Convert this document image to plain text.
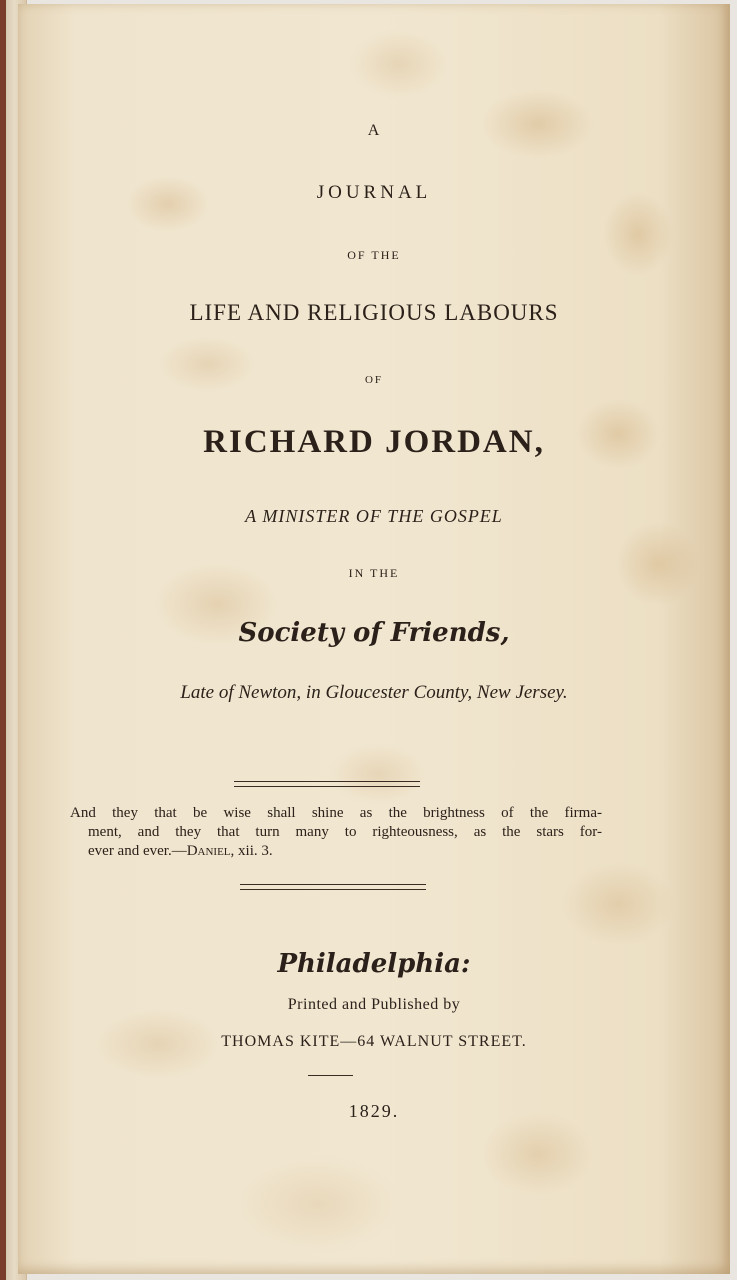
A

JOURNAL

OF THE

LIFE AND RELIGIOUS LABOURS

OF

RICHARD JORDAN,

A MINISTER OF THE GOSPEL

IN THE

Society of Friends,

Late of Newton, in Gloucester County, New Jersey.

And they that be wise shall shine as the brightness of the firma-

ment, and they that turn many to righteousness, as the stars for-

ever and ever.—Daniel, xii. 3.

Philadelphia:

Printed and Published by

THOMAS KITE—64 WALNUT STREET.

1829.
